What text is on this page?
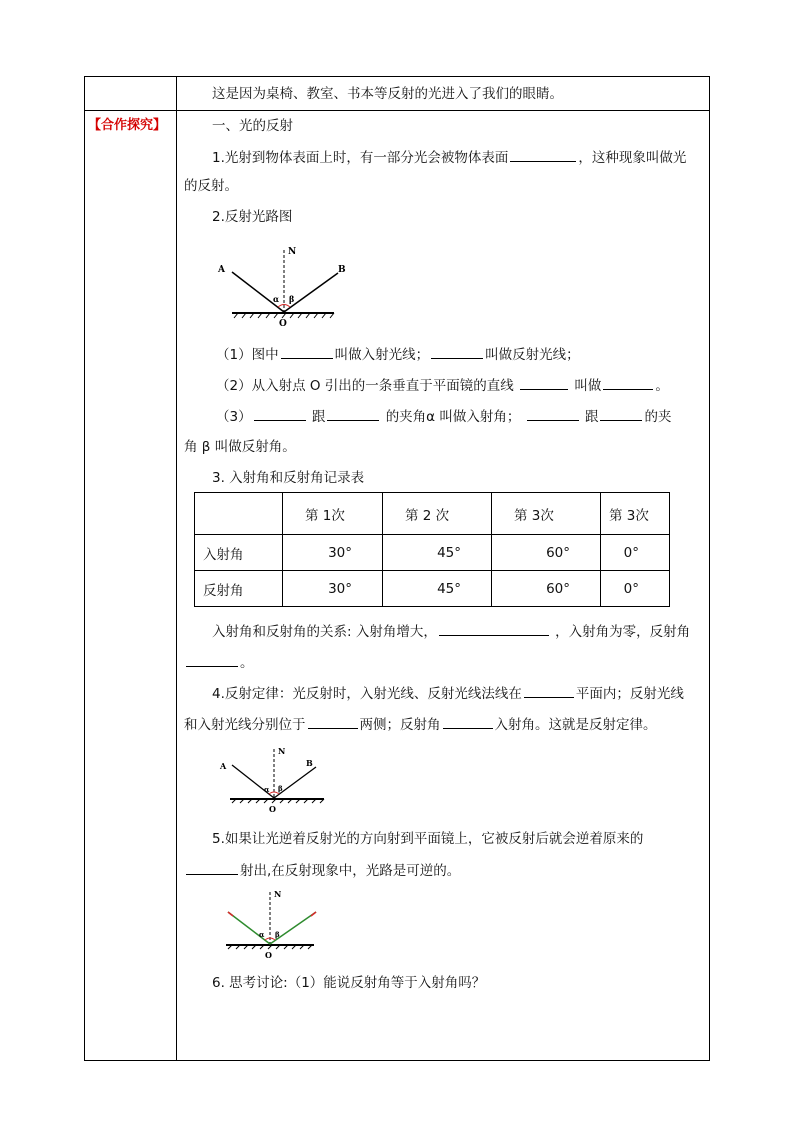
这是因为桌椅、教室、书本等反射的光进入了我们的眼睛。
【合作探究】	一、光的反射
1.光射到物体表面上时，有一部分光会被物体表面	，这种现象叫做光
的反射。
2.反射光路图
N
A	B
O
α β
（1）图中	叫做入射光线；	叫做反射光线；
（2）从入射点 O 引出的一条垂直于平面镜的直线	叫做	。
（3）	跟	的夹角α 叫做入射角；	跟	的夹
角 β 叫做反射角。
3. 入射角和反射角记录表
	第 1次	第 2 次	第 3次	第 3次
入射角	30°	45°	60°	0°
反射角	30°	45°	60°	0°
入射角和反射角的关系: 入射角增大，	，入射角为零，反射角
。
4.反射定律：光反射时，入射光线、反射光线法线在	平面内；反射光线
和入射光线分别位于	两侧；反射角	入射角。这就是反射定律。
N
A	B
O
α β
5.如果让光逆着反射光的方向射到平面镜上，它被反射后就会逆着原来的
射出,在反射现象中，光路是可逆的。
N
O
α β
6. 思考讨论:（1）能说反射角等于入射角吗？
